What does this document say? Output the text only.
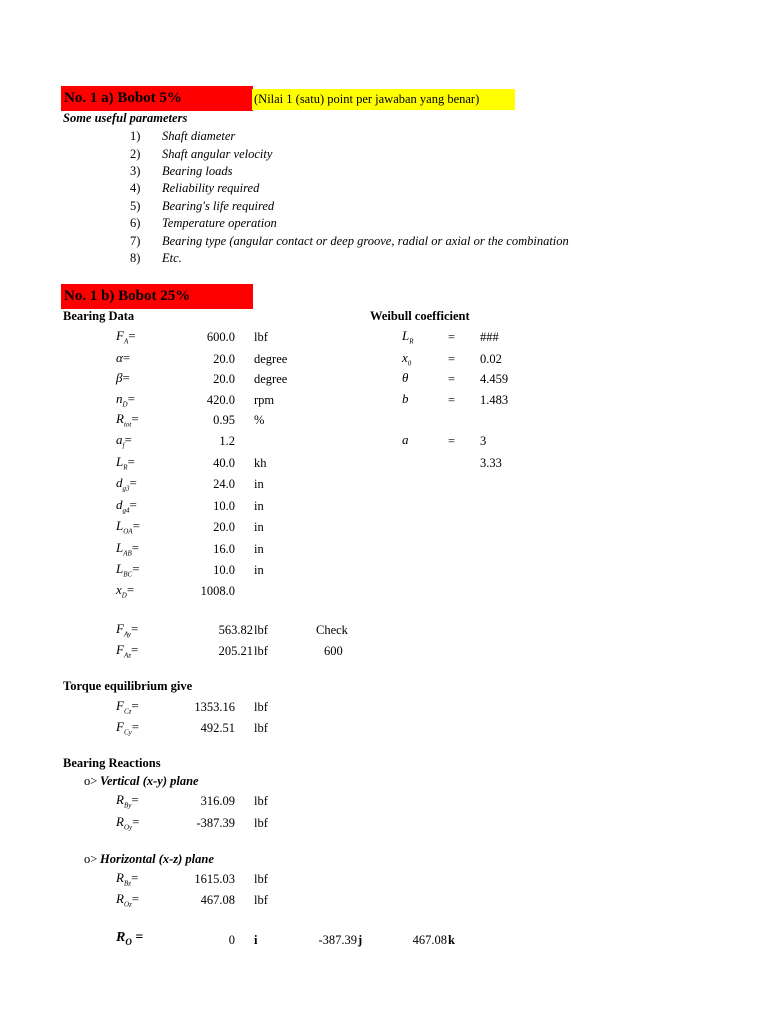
No. 1 a) Bobot 5%	(Nilai 1 (satu) point per jawaban yang benar)
Some useful parameters
1) Shaft diameter
2) Shaft angular velocity
3) Bearing loads
4) Reliability required
5) Bearing's life required
6) Temperature operation
7) Bearing type (angular contact or deep groove, radial or axial or the combination
8) Etc.
No. 1 b) Bobot 25%
Bearing Data	Weibull coefficient
$F_A=$	600.0 lbf
α=	20.0 degree
β=	20.0 degree
$n_D=$	420.0 rpm
$R_{tot}=$	0.95 %
$a_f=$	1.2
$L_R=$	40.0 kh
$d_{g3}=$	24.0 in
$d_{g4}=$	10.0 in
$L_{OA}=$	20.0 in
$L_{AB}=$	16.0 in
$L_{BC}=$	10.0 in
$x_D=$	1008.0
$L_R$	= ###
$x_0$	= 0.02
θ	= 4.459
b	= 1.483
a	= 3
3.33
$F_{Ay}=$	563.82 lbf	Check
$F_{Az}=$	205.21 lbf	600
Torque equilibrium give
$F_{Cz}=$	1353.16 lbf
$F_{Cy}=$	492.51 lbf
Bearing Reactions
o> Vertical (x-y) plane
$R_{By}=$	316.09 lbf
$R_{Oy}=$	-387.39 lbf
o> Horizontal (x-z) plane
$R_{Bz}=$	1615.03 lbf
$R_{Oz}=$	467.08 lbf
$R_O$ =	0 i	-387.39 j	467.08 k
